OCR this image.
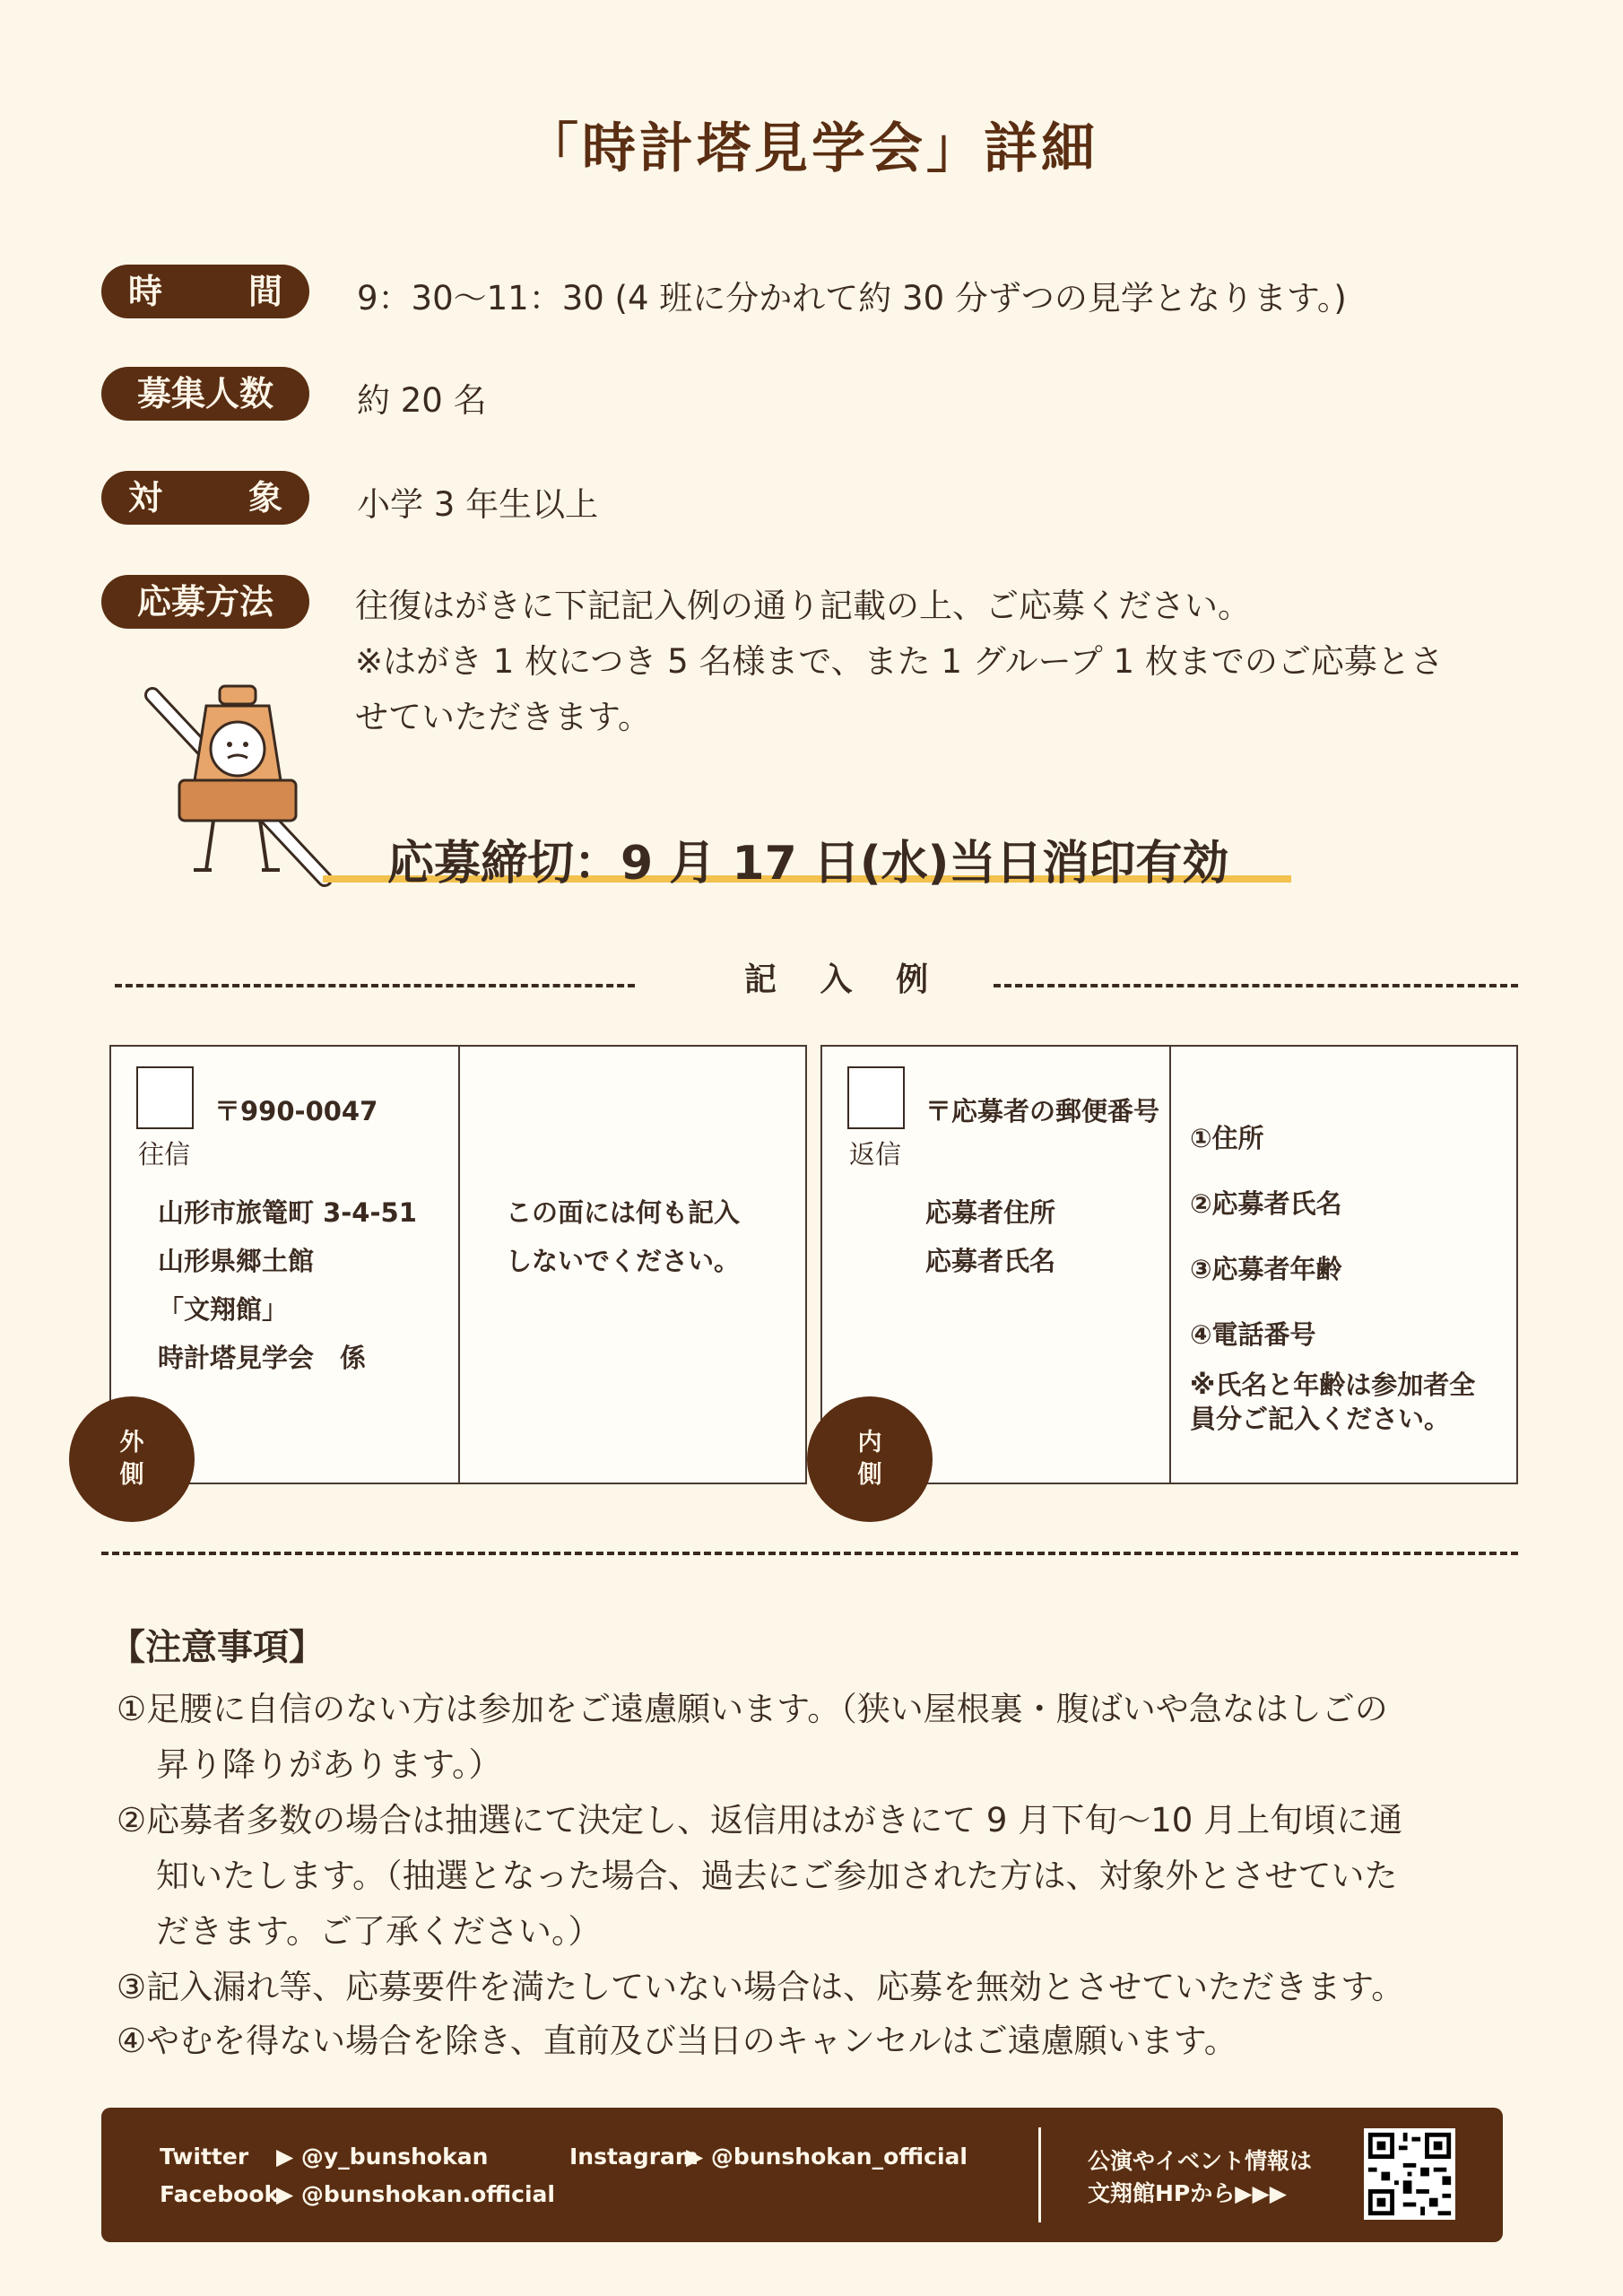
「時計塔見学会」詳細
時	間 9：30〜11：30 (4 班に分かれて約 30 分ずつの見学となります。)
募集人数	約 20 名
対	象 小学 3 年生以上
応募方法	往復はがきに下記記入例の通り記載の上、ご応募ください。
※はがき 1 枚につき 5 名様まで、また 1 グループ 1 枚までのご応募とさ
せていただきます。
応募締切：9 月 17 日(水)当日消印有効
記 入 例
〒990-0047
往信
山形市旅篭町 3-4-51
山形県郷土館
「文翔館」
時計塔見学会　係
この面には何も記入
しないでください。
外
側
〒応募者の郵便番号
返信
応募者住所
応募者氏名
①住所
②応募者氏名
③応募者年齢
④電話番号
※氏名と年齢は参加者全
員分ご記入ください。
内
側
【注意事項】
①足腰に自信のない方は参加をご遠慮願います。（狭い屋根裏・腹ばいや急なはしごの
昇り降りがあります。）
②応募者多数の場合は抽選にて決定し、返信用はがきにて 9 月下旬〜10 月上旬頃に通
知いたします。（抽選となった場合、過去にご参加された方は、対象外とさせていた
だきます。ご了承ください。）
③記入漏れ等、応募要件を満たしていない場合は、応募を無効とさせていただきます。
④やむを得ない場合を除き、直前及び当日のキャンセルはご遠慮願います。
Twitter ▶ @y_bunshokan
Facebook
▶ @bunshokan.official
Instagram
▶ @bunshokan_official	公演やイベント情報は
文翔館HPから▶▶▶
